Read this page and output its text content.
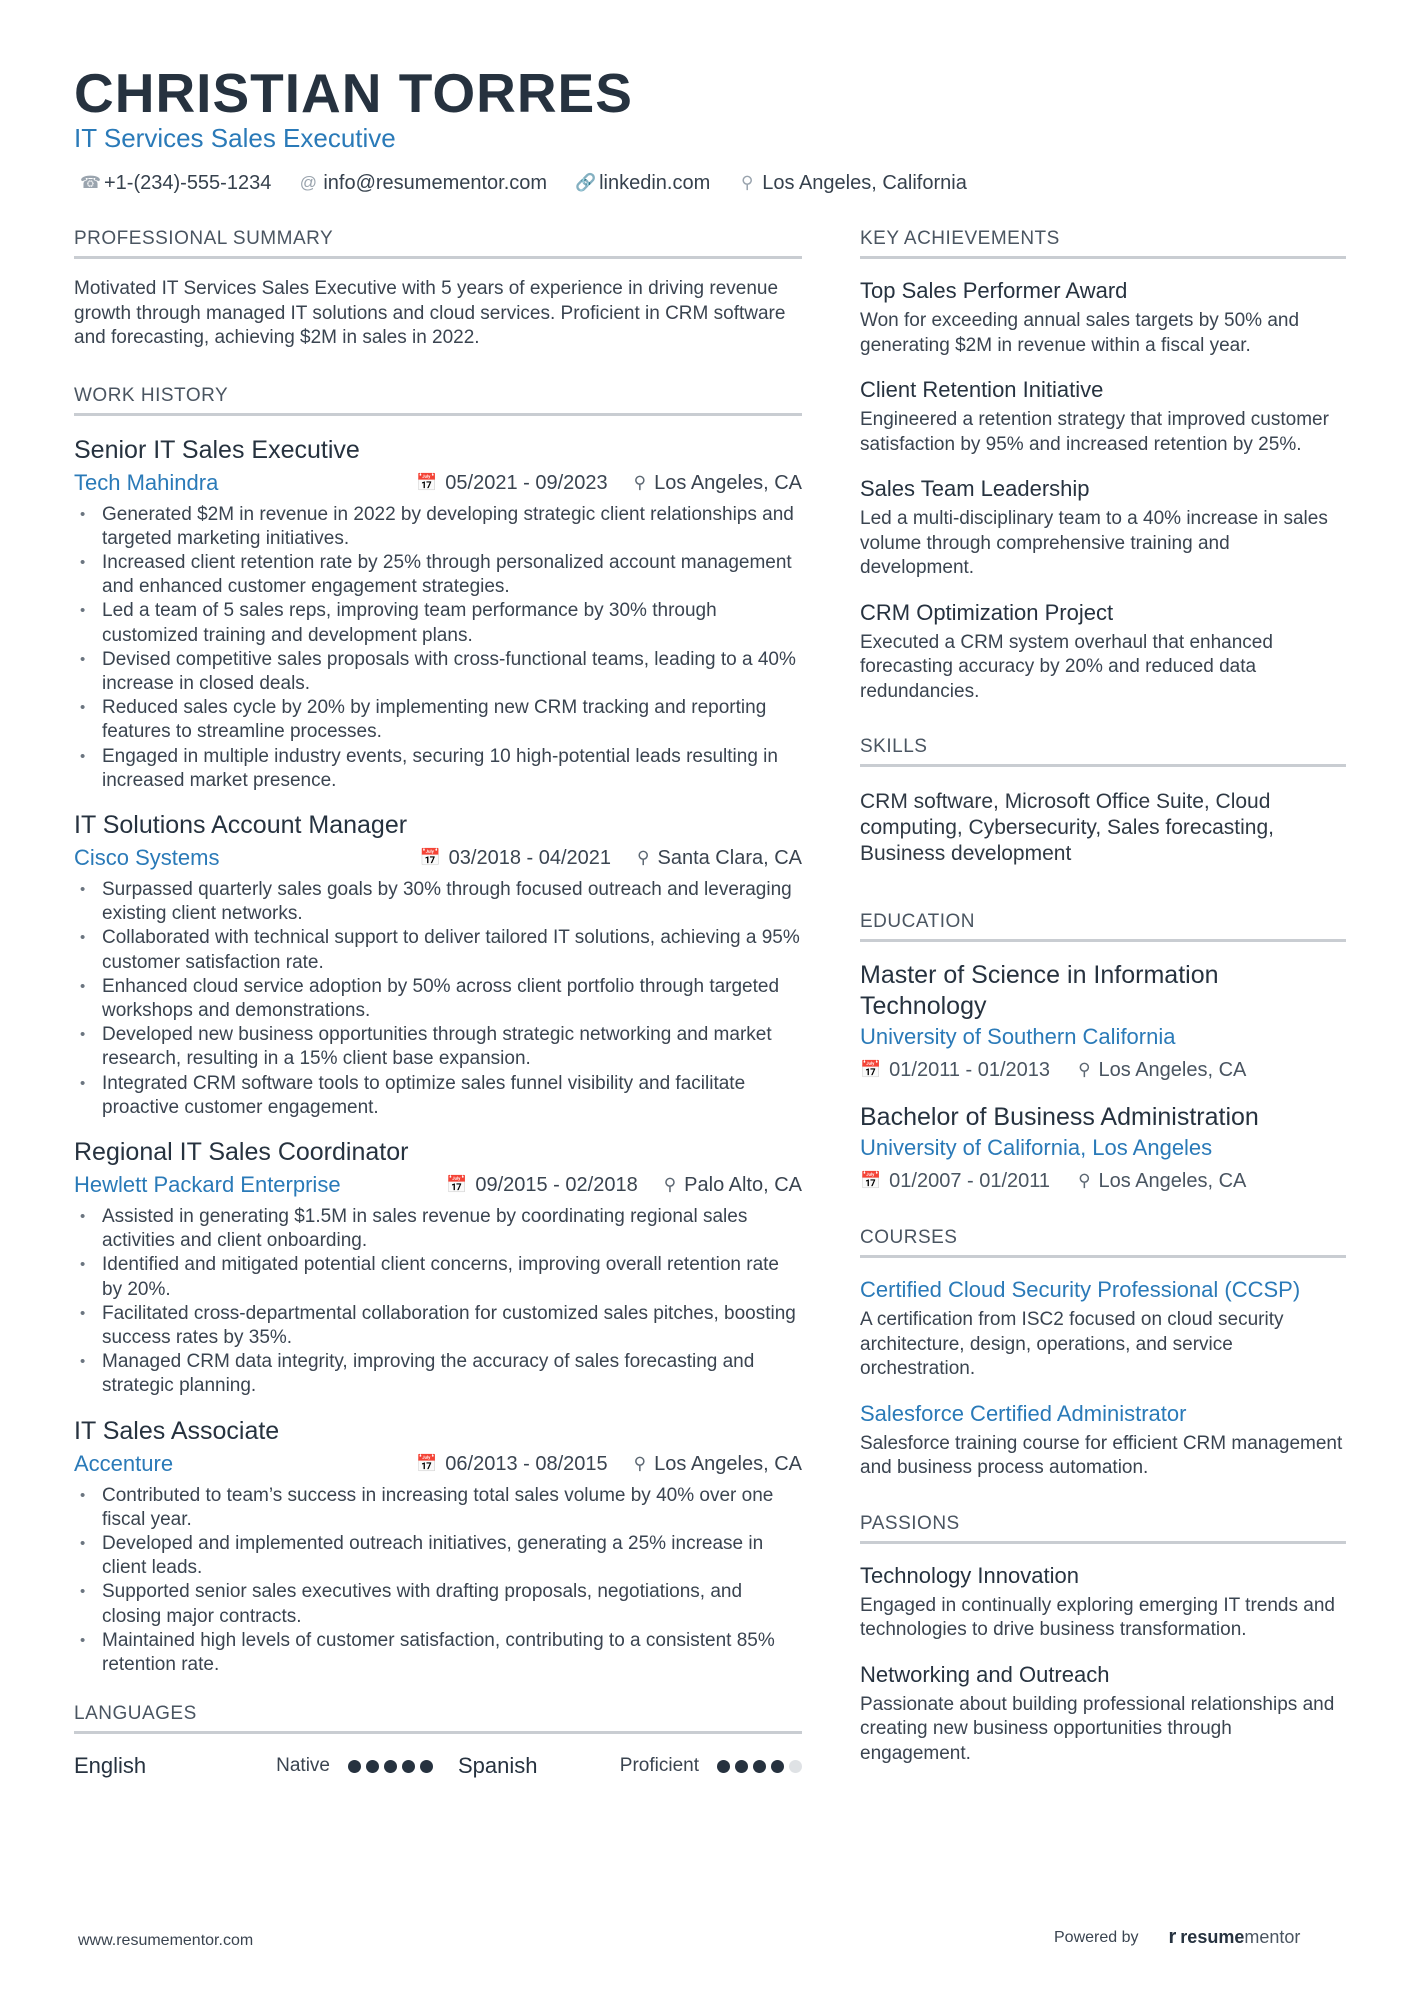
CHRISTIAN TORRES
IT Services Sales Executive
☎ +1-(234)-555-1234 @ info@resumementor.com 🔗 linkedin.com ⚲ Los Angeles, California
PROFESSIONAL SUMMARY
Motivated IT Services Sales Executive with 5 years of experience in driving revenue growth through managed IT solutions and cloud services. Proficient in CRM software and forecasting, achieving $2M in sales in 2022.
WORK HISTORY
Senior IT Sales Executive
Tech Mahindra	📅 05/2021 - 09/2023 ⚲ Los Angeles, CA
• Generated $2M in revenue in 2022 by developing strategic client relationships and targeted marketing initiatives.
• Increased client retention rate by 25% through personalized account management and enhanced customer engagement strategies.
• Led a team of 5 sales reps, improving team performance by 30% through customized training and development plans.
• Devised competitive sales proposals with cross-functional teams, leading to a 40% increase in closed deals.
• Reduced sales cycle by 20% by implementing new CRM tracking and reporting features to streamline processes.
• Engaged in multiple industry events, securing 10 high-potential leads resulting in increased market presence.
IT Solutions Account Manager
Cisco Systems	📅 03/2018 - 04/2021 ⚲ Santa Clara, CA
• Surpassed quarterly sales goals by 30% through focused outreach and leveraging existing client networks.
• Collaborated with technical support to deliver tailored IT solutions, achieving a 95% customer satisfaction rate.
• Enhanced cloud service adoption by 50% across client portfolio through targeted workshops and demonstrations.
• Developed new business opportunities through strategic networking and market research, resulting in a 15% client base expansion.
• Integrated CRM software tools to optimize sales funnel visibility and facilitate proactive customer engagement.
Regional IT Sales Coordinator
Hewlett Packard Enterprise	📅 09/2015 - 02/2018 ⚲ Palo Alto, CA
• Assisted in generating $1.5M in sales revenue by coordinating regional sales activities and client onboarding.
• Identified and mitigated potential client concerns, improving overall retention rate by 20%.
• Facilitated cross-departmental collaboration for customized sales pitches, boosting success rates by 35%.
• Managed CRM data integrity, improving the accuracy of sales forecasting and strategic planning.
IT Sales Associate
Accenture	📅 06/2013 - 08/2015 ⚲ Los Angeles, CA
• Contributed to team’s success in increasing total sales volume by 40% over one fiscal year.
• Developed and implemented outreach initiatives, generating a 25% increase in client leads.
• Supported senior sales executives with drafting proposals, negotiations, and closing major contracts.
• Maintained high levels of customer satisfaction, contributing to a consistent 85% retention rate.
LANGUAGES
English	Native	Spanish	Proficient
KEY ACHIEVEMENTS
Top Sales Performer Award
Won for exceeding annual sales targets by 50% and generating $2M in revenue within a fiscal year.
Client Retention Initiative
Engineered a retention strategy that improved customer satisfaction by 95% and increased retention by 25%.
Sales Team Leadership
Led a multi-disciplinary team to a 40% increase in sales volume through comprehensive training and development.
CRM Optimization Project
Executed a CRM system overhaul that enhanced forecasting accuracy by 20% and reduced data redundancies.
SKILLS
CRM software, Microsoft Office Suite, Cloud computing, Cybersecurity, Sales forecasting, Business development
EDUCATION
Master of Science in Information Technology
University of Southern California
📅 01/2011 - 01/2013 ⚲ Los Angeles, CA
Bachelor of Business Administration
University of California, Los Angeles
📅 01/2007 - 01/2011 ⚲ Los Angeles, CA
COURSES
Certified Cloud Security Professional (CCSP)
A certification from ISC2 focused on cloud security architecture, design, operations, and service orchestration.
Salesforce Certified Administrator
Salesforce training course for efficient CRM management and business process automation.
PASSIONS
Technology Innovation
Engaged in continually exploring emerging IT trends and technologies to drive business transformation.
Networking and Outreach
Passionate about building professional relationships and creating new business opportunities through engagement.
www.resumementor.com	Powered by r resumementor
